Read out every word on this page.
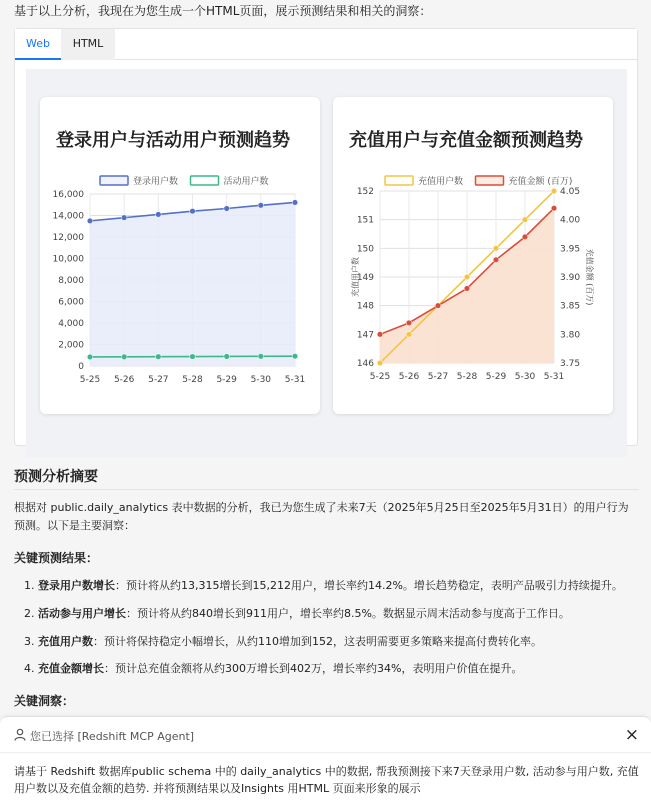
基于以上分析，我现在为您生成一个HTML页面，展示预测结果和相关的洞察：
Web	HTML
登录用户与活动用户预测趋势
登录用户数	活动用户数
0
2,000
4,000
6,000
8,000
10,000
12,000
14,000
16,000
5-25 5-26 5-27 5-28 5-29 5-30 5-31
充值用户与充值金额预测趋势
充值用户数	充值金额 (百万)
146
147
148
149
150
151
152
3.75
3.80
3.85
3.90
3.95
4.00
4.05
5-25 5-26 5-27 5-28 5-29 5-30 5-31
充值用户数	充值金额 (百万)
预测分析摘要
根据对 public.daily_analytics 表中数据的分析，我已为您生成了未来7天（2025年5月25日至2025年5月31日）的用户行为预测。以下是主要洞察：
关键预测结果：
1. 登录用户数增长：预计将从约13,315增长到15,212用户，增长率约14.2%。增长趋势稳定，表明产品吸引力持续提升。
2. 活动参与用户增长：预计将从约840增长到911用户，增长率约8.5%。数据显示周末活动参与度高于工作日。
3. 充值用户数：预计将保持稳定小幅增长，从约110增加到152，这表明需要更多策略来提高付费转化率。
4. 充值金额增长：预计总充值金额将从约300万增长到402万，增长率约34%，表明用户价值在提升。
关键洞察：
您已选择 [Redshift MCP Agent]	×
请基于 Redshift 数据库public schema 中的 daily_analytics 中的数据, 帮我预测接下来7天登录用户数, 活动参与用户数, 充值用户数以及充值金额的趋势. 并将预测结果以及Insights 用HTML 页面来形象的展示
